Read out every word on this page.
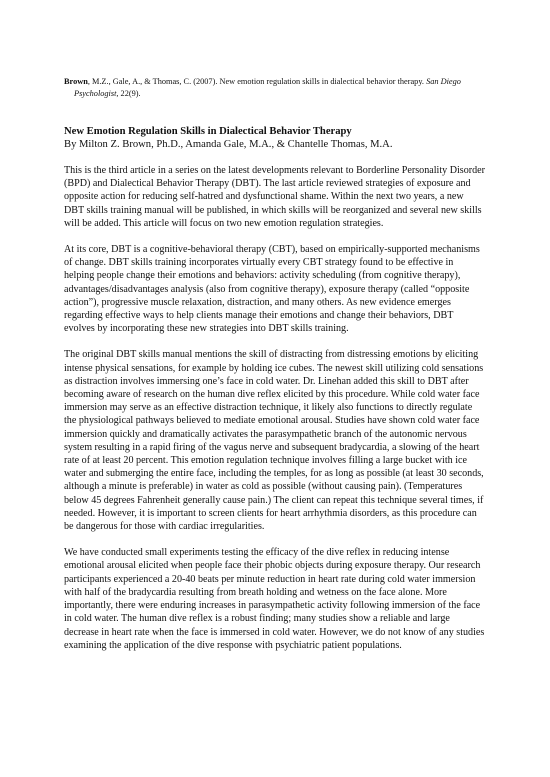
Brown, M.Z., Gale, A., & Thomas, C. (2007). New emotion regulation skills in dialectical behavior therapy. San Diego Psychologist, 22(9).

New Emotion Regulation Skills in Dialectical Behavior Therapy

By Milton Z. Brown, Ph.D., Amanda Gale, M.A., & Chantelle Thomas, M.A.

This is the third article in a series on the latest developments relevant to Borderline Personality Disorder (BPD) and Dialectical Behavior Therapy (DBT). The last article reviewed strategies of exposure and opposite action for reducing self-hatred and dysfunctional shame. Within the next two years, a new DBT skills training manual will be published, in which skills will be reorganized and several new skills will be added. This article will focus on two new emotion regulation strategies.

At its core, DBT is a cognitive-behavioral therapy (CBT), based on empirically-supported mechanisms of change. DBT skills training incorporates virtually every CBT strategy found to be effective in helping people change their emotions and behaviors: activity scheduling (from cognitive therapy), advantages/disadvantages analysis (also from cognitive therapy), exposure therapy (called “opposite action”), progressive muscle relaxation, distraction, and many others. As new evidence emerges regarding effective ways to help clients manage their emotions and change their behaviors, DBT evolves by incorporating these new strategies into DBT skills training.

The original DBT skills manual mentions the skill of distracting from distressing emotions by eliciting intense physical sensations, for example by holding ice cubes. The newest skill utilizing cold sensations as distraction involves immersing one’s face in cold water. Dr. Linehan added this skill to DBT after becoming aware of research on the human dive reflex elicited by this procedure. While cold water face immersion may serve as an effective distraction technique, it likely also functions to directly regulate the physiological pathways believed to mediate emotional arousal. Studies have shown cold water face immersion quickly and dramatically activates the parasympathetic branch of the autonomic nervous system resulting in a rapid firing of the vagus nerve and subsequent bradycardia, a slowing of the heart rate of at least 20 percent. This emotion regulation technique involves filling a large bucket with ice water and submerging the entire face, including the temples, for as long as possible (at least 30 seconds, although a minute is preferable) in water as cold as possible (without causing pain). (Temperatures below 45 degrees Fahrenheit generally cause pain.) The client can repeat this technique several times, if needed. However, it is important to screen clients for heart arrhythmia disorders, as this procedure can be dangerous for those with cardiac irregularities.

We have conducted small experiments testing the efficacy of the dive reflex in reducing intense emotional arousal elicited when people face their phobic objects during exposure therapy. Our research participants experienced a 20-40 beats per minute reduction in heart rate during cold water immersion with half of the bradycardia resulting from breath holding and wetness on the face alone. More importantly, there were enduring increases in parasympathetic activity following immersion of the face in cold water. The human dive reflex is a robust finding; many studies show a reliable and large decrease in heart rate when the face is immersed in cold water. However, we do not know of any studies examining the application of the dive response with psychiatric patient populations.
